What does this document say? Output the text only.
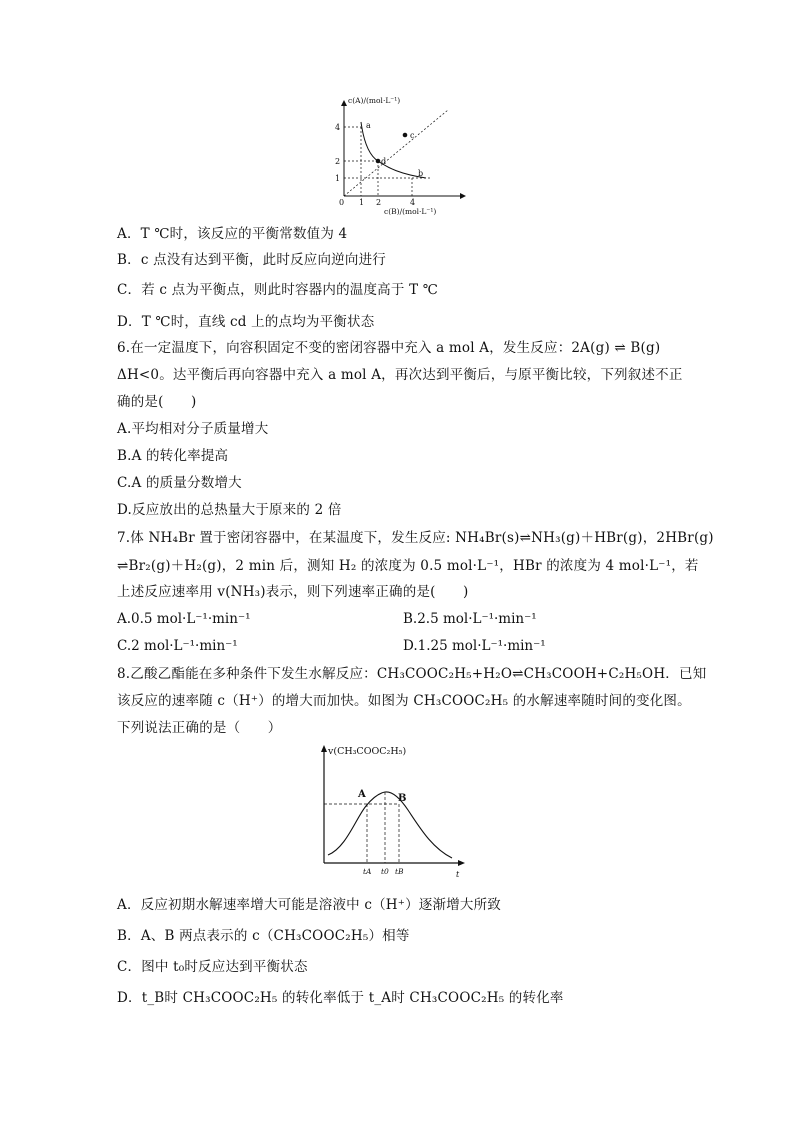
c(A)/(mol·L⁻¹)
c(B)/(mol·L⁻¹)
0
4
2
1
1 2	4
a
b
c
d
A．T ℃时，该反应的平衡常数值为 4
B．c 点没有达到平衡，此时反应向逆向进行
C．若 c 点为平衡点，则此时容器内的温度高于 T ℃
D．T ℃时，直线 cd 上的点均为平衡状态
6.在一定温度下，向容积固定不变的密闭容器中充入 a mol A，发生反应：2A(g) ⇌ B(g)
ΔH<0。达平衡后再向容器中充入 a mol A，再次达到平衡后，与原平衡比较，下列叙述不正
确的是(　　)
A.平均相对分子质量增大
B.A 的转化率提高
C.A 的质量分数增大
D.反应放出的总热量大于原来的 2 倍
7.体 NH₄Br 置于密闭容器中，在某温度下，发生反应: NH₄Br(s)⇌NH₃(g)＋HBr(g)，2HBr(g)
⇌Br₂(g)＋H₂(g)，2 min 后，测知 H₂ 的浓度为 0.5 mol·L⁻¹，HBr 的浓度为 4 mol·L⁻¹，若
上述反应速率用 v(NH₃)表示，则下列速率正确的是(　　)
A.0.5 mol·L⁻¹·min⁻¹	B.2.5 mol·L⁻¹·min⁻¹
C.2 mol·L⁻¹·min⁻¹	D.1.25 mol·L⁻¹·min⁻¹
8.乙酸乙酯能在多种条件下发生水解反应：CH₃COOC₂H₅+H₂O⇌CH₃COOH+C₂H₅OH．已知
该反应的速率随 c（H⁺）的增大而加快。如图为 CH₃COOC₂H₅ 的水解速率随时间的变化图。
下列说法正确的是（　　）
v(CH₃COOC₂H₅)
t
A	B
tA t0 tB
A．反应初期水解速率增大可能是溶液中 c（H⁺）逐渐增大所致
B．A、B 两点表示的 c（CH₃COOC₂H₅）相等
C．图中 t₀时反应达到平衡状态
D．t_B时 CH₃COOC₂H₅ 的转化率低于 t_A时 CH₃COOC₂H₅ 的转化率
